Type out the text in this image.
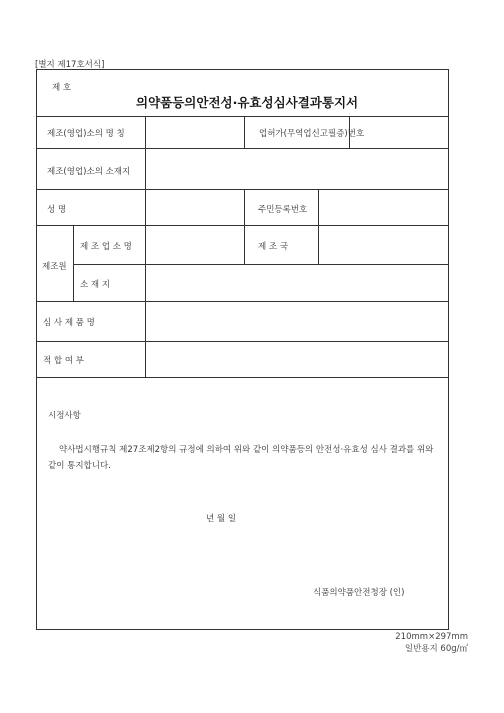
[별지 제17호서식]
제 호
의약품등의안전성·유효성심사결과통지서
제조(영업)소의 명 칭	업허가(무역업신고필증)번호
제조(영업)소의 소재지
성 명	주민등록번호
제조원
제 조 업 소 명	제 조 국
소 재 지
심 사 제 품 명
적 합 여 부
시정사항
약사법시행규칙 제27조제2항의 규정에 의하여 위와 같이 의약품등의 안전성·유효성 심사 결과를 위와 같이 통지합니다.
년 월 일
식품의약품안전청장 (인)
210mm×297mm
일반용지 60g/㎡
